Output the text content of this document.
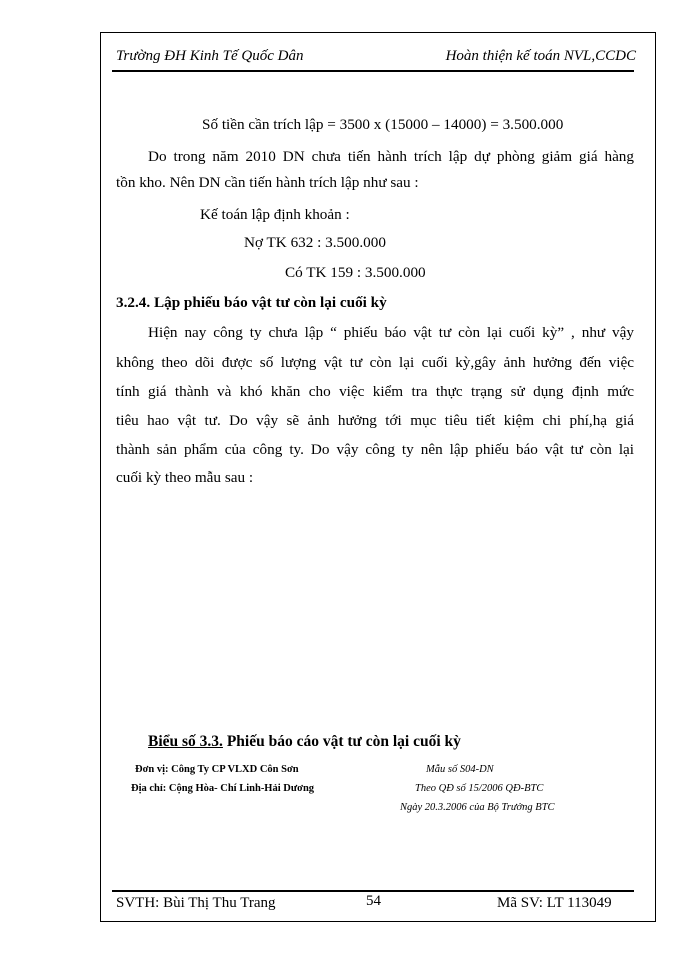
Trường ĐH Kinh Tế Quốc Dân	Hoàn thiện kế toán NVL,CCDC
Số tiền cần trích lập = 3500 x (15000 – 14000) = 3.500.000
Do trong năm 2010 DN chưa tiến hành trích lập dự phòng giảm giá hàng
tồn kho. Nên DN cần tiến hành trích lập như sau :
Kế toán lập định khoản :
Nợ TK 632 : 3.500.000
Có TK 159 : 3.500.000
3.2.4. Lập phiếu báo vật tư còn lại cuối kỳ
Hiện nay công ty chưa lập “ phiếu báo vật tư còn lại cuối kỳ” , như vậy
không theo dõi được số lượng vật tư còn lại cuối kỳ,gây ảnh hưởng đến việc
tính giá thành và khó khăn cho việc kiểm tra thực trạng sử dụng định mức
tiêu hao vật tư. Do vậy sẽ ảnh hưởng tới mục tiêu tiết kiệm chi phí,hạ giá
thành sản phẩm của công ty. Do vậy công ty nên lập phiếu báo vật tư còn lại
cuối kỳ theo mẫu sau :
Biểu số 3.3. Phiếu báo cáo vật tư còn lại cuối kỳ
Đơn vị: Công Ty CP VLXD Côn Sơn
Địa chỉ: Cộng Hòa- Chí Linh-Hải Dương
Mẫu số S04-DN
Theo QĐ số 15/2006 QĐ-BTC
Ngày 20.3.2006 của Bộ Trưởng BTC
SVTH: Bùi Thị Thu Trang	54	Mã SV: LT 113049
